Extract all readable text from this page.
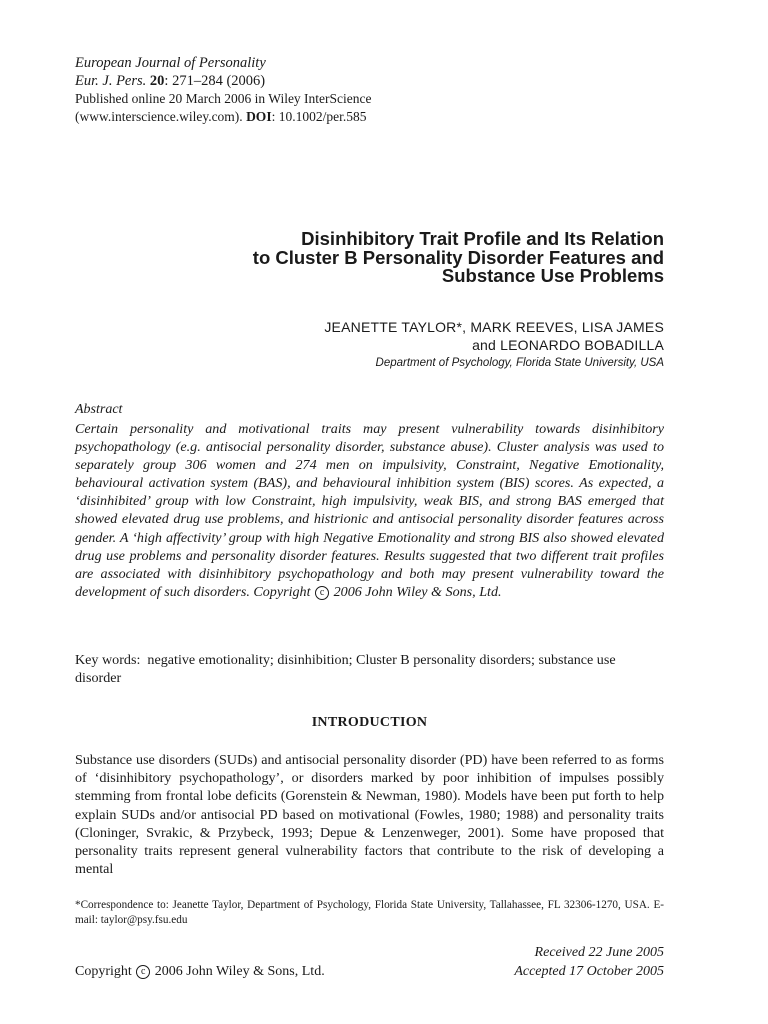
European Journal of Personality
Eur. J. Pers. 20: 271–284 (2006)
Published online 20 March 2006 in Wiley InterScience
(www.interscience.wiley.com). DOI: 10.1002/per.585
Disinhibitory Trait Profile and Its Relation
to Cluster B Personality Disorder Features and
Substance Use Problems
JEANETTE TAYLOR*, MARK REEVES, LISA JAMES
and LEONARDO BOBADILLA
Department of Psychology, Florida State University, USA
Abstract
Certain personality and motivational traits may present vulnerability towards disinhibitory psychopathology (e.g. antisocial personality disorder, substance abuse). Cluster analysis was used to separately group 306 women and 274 men on impulsivity, Constraint, Negative Emotionality, behavioural activation system (BAS), and behavioural inhibition system (BIS) scores. As expected, a ‘disinhibited’ group with low Constraint, high impulsivity, weak BIS, and strong BAS emerged that showed elevated drug use problems, and histrionic and antisocial personality disorder features across gender. A ‘high affectivity’ group with high Negative Emotionality and strong BIS also showed elevated drug use problems and personality disorder features. Results suggested that two different trait profiles are associated with disinhibitory psychopathology and both may present vulnerability toward the development of such disorders. Copyright c 2006 John Wiley & Sons, Ltd.
Key words: negative emotionality; disinhibition; Cluster B personality disorders; substance use disorder
INTRODUCTION
Substance use disorders (SUDs) and antisocial personality disorder (PD) have been referred to as forms of ‘disinhibitory psychopathology’, or disorders marked by poor inhibition of impulses possibly stemming from frontal lobe deficits (Gorenstein & Newman, 1980). Models have been put forth to help explain SUDs and/or antisocial PD based on motivational (Fowles, 1980; 1988) and personality traits (Cloninger, Svrakic, & Przybeck, 1993; Depue & Lenzenweger, 2001). Some have proposed that personality traits represent general vulnerability factors that contribute to the risk of developing a mental
*Correspondence to: Jeanette Taylor, Department of Psychology, Florida State University, Tallahassee, FL 32306-1270, USA. E-mail: taylor@psy.fsu.edu
Received 22 June 2005
Accepted 17 October 2005
Copyright c 2006 John Wiley & Sons, Ltd.
